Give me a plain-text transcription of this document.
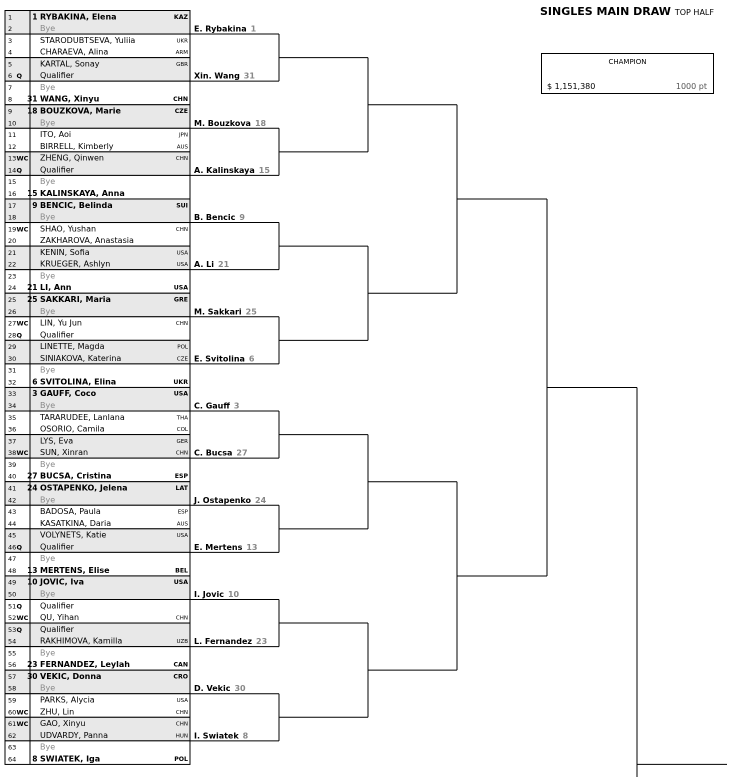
SINGLES MAIN DRAW TOP HALF
CHAMPION
$ 1,151,380	1000 pt
1	1 RYBAKINA, Elena	KAZ
2	Bye
3	STARODUBTSEVA, Yuliia	UKR
4	CHARAEVA, Alina	ARM
5	KARTAL, Sonay	GBR
6 Q Qualifier
7	Bye
8 31 WANG, Xinyu	CHN
9 18 BOUZKOVA, Marie	CZE
10	Bye
11	ITO, Aoi	JPN
12	BIRRELL, Kimberly	AUS
13 WC ZHENG, Qinwen	CHN
14 Q Qualifier
15	Bye
16 15 KALINSKAYA, Anna
17 9 BENCIC, Belinda	SUI
18	Bye
19 WC SHAO, Yushan	CHN
20	ZAKHAROVA, Anastasia
21	KENIN, Sofia	USA
22	KRUEGER, Ashlyn	USA
23	Bye
24 21 LI, Ann	USA
25 25 SAKKARI, Maria	GRE
26	Bye
27 WC LIN, Yu Jun	CHN
28 Q Qualifier
29	LINETTE, Magda	POL
30	SINIAKOVA, Katerina	CZE
31	Bye
32 6 SVITOLINA, Elina	UKR
33 3 GAUFF, Coco	USA
34	Bye
35	TARARUDEE, Lanlana	THA
36	OSORIO, Camila	COL
37	LYS, Eva	GER
38 WC SUN, Xinran	CHN
39	Bye
40 27 BUCSA, Cristina	ESP
41 24 OSTAPENKO, Jelena	LAT
42	Bye
43	BADOSA, Paula	ESP
44	KASATKINA, Daria	AUS
45	VOLYNETS, Katie	USA
46 Q Qualifier
47	Bye
48 13 MERTENS, Elise	BEL
49 10 JOVIC, Iva	USA
50	Bye
51 Q Qualifier
52 WC QU, Yihan	CHN
53 Q Qualifier
54	RAKHIMOVA, Kamilla	UZB
55	Bye
56 23 FERNANDEZ, Leylah	CAN
57 30 VEKIC, Donna	CRO
58	Bye
59	PARKS, Alycia	USA
60 WC ZHU, Lin	CHN
61 WC GAO, Xinyu	CHN
62	UDVARDY, Panna	HUN
63	Bye
64 8 SWIATEK, Iga	POL
E. Rybakina 1
Xin. Wang 31
M. Bouzkova 18
A. Kalinskaya 15
B. Bencic 9
A. Li 21
M. Sakkari 25
E. Svitolina 6
C. Gauff 3
C. Bucsa 27
J. Ostapenko 24
E. Mertens 13
I. Jovic 10
L. Fernandez 23
D. Vekic 30
I. Swiatek 8
